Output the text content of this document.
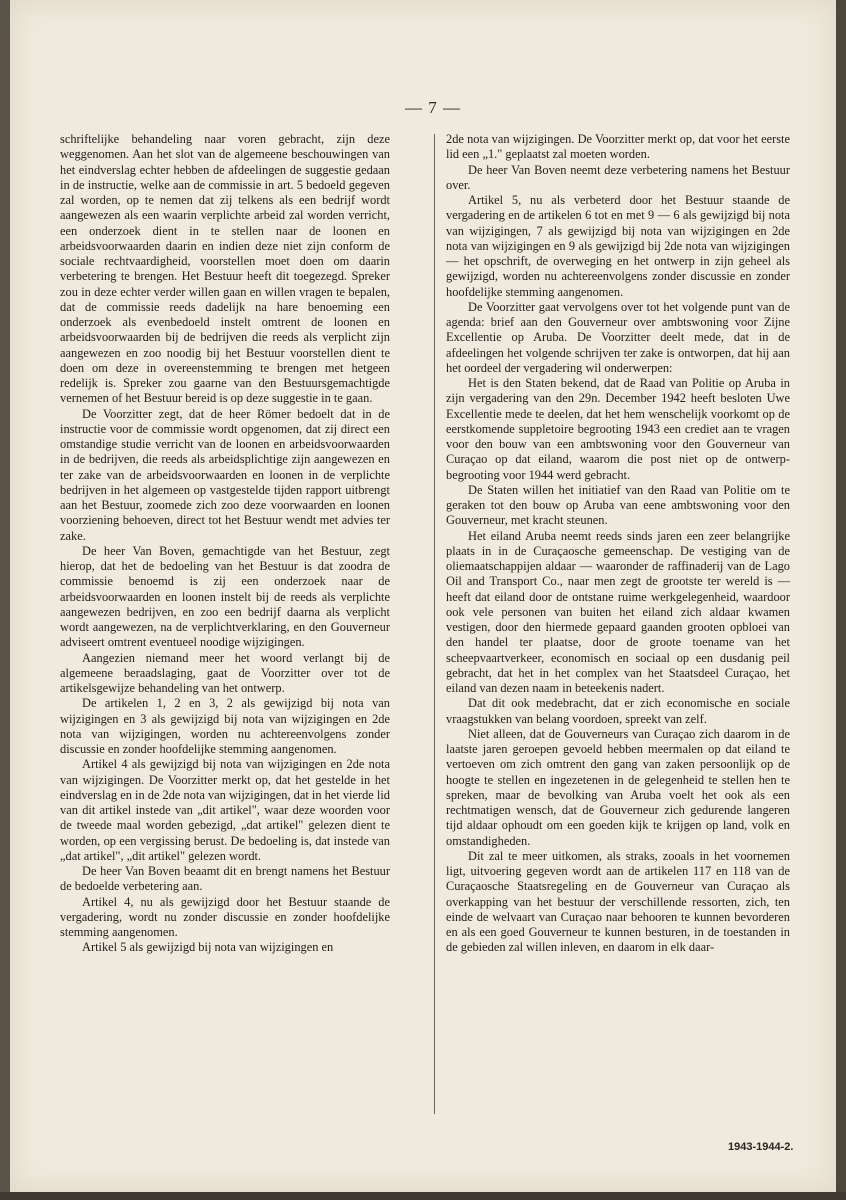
— 7 —

schriftelijke behandeling naar voren gebracht, zijn deze weggenomen. Aan het slot van de algemeene beschouwingen van het eindverslag echter hebben de afdeelingen de suggestie gedaan in de instructie, welke aan de commissie in art. 5 bedoeld gegeven zal worden, op te nemen dat zij telkens als een bedrijf wordt aangewezen als een waarin verplichte arbeid zal worden verricht, een onderzoek dient in te stellen naar de loonen en arbeidsvoorwaarden daarin en indien deze niet zijn conform de sociale rechtvaardigheid, voorstellen moet doen om daarin verbetering te brengen. Het Bestuur heeft dit toegezegd. Spreker zou in deze echter verder willen gaan en willen vragen te bepalen, dat de commissie reeds dadelijk na hare benoeming een onderzoek als evenbedoeld instelt omtrent de loonen en arbeidsvoorwaarden bij de bedrijven die reeds als verplicht zijn aangewezen en zoo noodig bij het Bestuur voorstellen dient te doen om deze in overeenstemming te brengen met hetgeen redelijk is. Spreker zou gaarne van den Bestuursgemachtigde vernemen of het Bestuur bereid is op deze suggestie in te gaan.

De Voorzitter zegt, dat de heer Römer bedoelt dat in de instructie voor de commissie wordt opgenomen, dat zij direct een omstandige studie verricht van de loonen en arbeidsvoorwaarden in de bedrijven, die reeds als arbeidsplichtige zijn aangewezen en ter zake van de arbeidsvoorwaarden en loonen in de verplichte bedrijven in het algemeen op vastgestelde tijden rapport uitbrengt aan het Bestuur, zoomede zich zoo deze voorwaarden en loonen voorziening behoeven, direct tot het Bestuur wendt met advies ter zake.

De heer Van Boven, gemachtigde van het Bestuur, zegt hierop, dat het de bedoeling van het Bestuur is dat zoodra de commissie benoemd is zij een onderzoek naar de arbeidsvoorwaarden en loonen instelt bij de reeds als verplichte aangewezen bedrijven, en zoo een bedrijf daarna als verplicht wordt aangewezen, na de verplichtverklaring, en den Gouverneur adviseert omtrent eventueel noodige wijzigingen.

Aangezien niemand meer het woord verlangt bij de algemeene beraadslaging, gaat de Voorzitter over tot de artikelsgewijze behandeling van het ontwerp.

De artikelen 1, 2 en 3, 2 als gewijzigd bij nota van wijzigingen en 3 als gewijzigd bij nota van wijzigingen en 2de nota van wijzigingen, worden nu achtereenvolgens zonder discussie en zonder hoofdelijke stemming aangenomen.

Artikel 4 als gewijzigd bij nota van wijzigingen en 2de nota van wijzigingen. De Voorzitter merkt op, dat het gestelde in het eindverslag en in de 2de nota van wijzigingen, dat in het vierde lid van dit artikel instede van „dit artikel", waar deze woorden voor de tweede maal worden gebezigd, „dat artikel" gelezen dient te worden, op een vergissing berust. De bedoeling is, dat instede van „dat artikel", „dit artikel" gelezen wordt.

De heer Van Boven beaamt dit en brengt namens het Bestuur de bedoelde verbetering aan.

Artikel 4, nu als gewijzigd door het Bestuur staande de vergadering, wordt nu zonder discussie en zonder hoofdelijke stemming aangenomen.

Artikel 5 als gewijzigd bij nota van wijzigingen en

2de nota van wijzigingen. De Voorzitter merkt op, dat voor het eerste lid een „1." geplaatst zal moeten worden.

De heer Van Boven neemt deze verbetering namens het Bestuur over.

Artikel 5, nu als verbeterd door het Bestuur staande de vergadering en de artikelen 6 tot en met 9 — 6 als gewijzigd bij nota van wijzigingen, 7 als gewijzigd bij nota van wijzigingen en 2de nota van wijzigingen en 9 als gewijzigd bij 2de nota van wijzigingen — het opschrift, de overweging en het ontwerp in zijn geheel als gewijzigd, worden nu achtereenvolgens zonder discussie en zonder hoofdelijke stemming aangenomen.

De Voorzitter gaat vervolgens over tot het volgende punt van de agenda: brief aan den Gouverneur over ambtswoning voor Zijne Excellentie op Aruba. De Voorzitter deelt mede, dat in de afdeelingen het volgende schrijven ter zake is ontworpen, dat hij aan het oordeel der vergadering wil onderwerpen:

Het is den Staten bekend, dat de Raad van Politie op Aruba in zijn vergadering van den 29n. December 1942 heeft besloten Uwe Excellentie mede te deelen, dat het hem wenschelijk voorkomt op de eerstkomende suppletoire begrooting 1943 een crediet aan te vragen voor den bouw van een ambtswoning voor den Gouverneur van Curaçao op dat eiland, waarom die post niet op de ontwerp-begrooting voor 1944 werd gebracht.

De Staten willen het initiatief van den Raad van Politie om te geraken tot den bouw op Aruba van eene ambtswoning voor den Gouverneur, met kracht steunen.

Het eiland Aruba neemt reeds sinds jaren een zeer belangrijke plaats in in de Curaçaosche gemeenschap. De vestiging van de oliemaatschappijen aldaar — waaronder de raffinaderij van de Lago Oil and Transport Co., naar men zegt de grootste ter wereld is — heeft dat eiland door de ontstane ruime werkgelegenheid, waardoor ook vele personen van buiten het eiland zich aldaar kwamen vestigen, door den hiermede gepaard gaanden grooten opbloei van den handel ter plaatse, door de groote toename van het scheepvaartverkeer, economisch en sociaal op een dusdanig peil gebracht, dat het in het complex van het Staatsdeel Curaçao, het eiland van dezen naam in beteekenis nadert.

Dat dit ook medebracht, dat er zich economische en sociale vraagstukken van belang voordoen, spreekt van zelf.

Niet alleen, dat de Gouverneurs van Curaçao zich daarom in de laatste jaren geroepen gevoeld hebben meermalen op dat eiland te vertoeven om zich omtrent den gang van zaken persoonlijk op de hoogte te stellen en ingezetenen in de gelegenheid te stellen hen te spreken, maar de bevolking van Aruba voelt het ook als een rechtmatigen wensch, dat de Gouverneur zich gedurende langeren tijd aldaar ophoudt om een goeden kijk te krijgen op land, volk en omstandigheden.

Dit zal te meer uitkomen, als straks, zooals in het voornemen ligt, uitvoering gegeven wordt aan de artikelen 117 en 118 van de Curaçaosche Staatsregeling en de Gouverneur van Curaçao als overkapping van het bestuur der verschillende ressorten, zich, ten einde de welvaart van Curaçao naar behooren te kunnen bevorderen en als een goed Gouverneur te kunnen besturen, in de toestanden in de gebieden zal willen inleven, en daarom in elk daar-

1943-1944-2.
